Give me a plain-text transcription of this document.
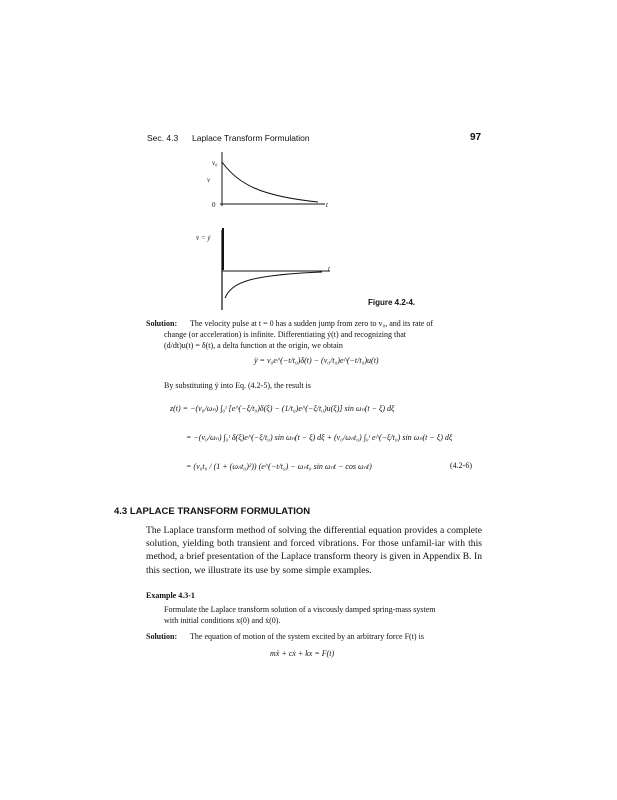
Sec. 4.3 Laplace Transform Formulation	97
v₀
v
0	t
v̇ = ẏ
t
Figure 4.2-4.
Solution: The velocity pulse at t = 0 has a sudden jump from zero to v₀, and its rate of
change (or acceleration) is infinite. Differentiating ẏ(t) and recognizing that
(d/dt)u(t) = δ(t), a delta function at the origin, we obtain
ÿ = v₀e^(−t/t₀)δ(t) − (v₀/t₀)e^(−t/t₀)u(t)
By substituting ÿ into Eq. (4.2-5), the result is
z(t) = −(v₀/ωₙ) ∫₀ᵗ [e^(−ξ/t₀)δ(ξ) − (1/t₀)e^(−ξ/t₀)u(ξ)] sin ωₙ(t − ξ) dξ
= −(v₀/ωₙ) ∫₀ᵗ δ(ξ)e^(−ξ/t₀) sin ωₙ(t − ξ) dξ + (v₀/ωₙt₀) ∫₀ᵗ e^(−ξ/t₀) sin ωₙ(t − ξ) dξ
= (v₀t₀ / (1 + (ωₙt₀)²)) (e^(−t/t₀) − ωₙt₀ sin ωₙt − cos ωₙt)	(4.2-6)
4.3 LAPLACE TRANSFORM FORMULATION
The Laplace transform method of solving the differential equation provides a complete solution, yielding both transient and forced vibrations. For those unfamil-iar with this method, a brief presentation of the Laplace transform theory is given in Appendix B. In this section, we illustrate its use by some simple examples.
Example 4.3-1
Formulate the Laplace transform solution of a viscously damped spring-mass system
with initial conditions x(0) and ẋ(0).
Solution: The equation of motion of the system excited by an arbitrary force F(t) is
mẍ + cẋ + kx = F(t)
